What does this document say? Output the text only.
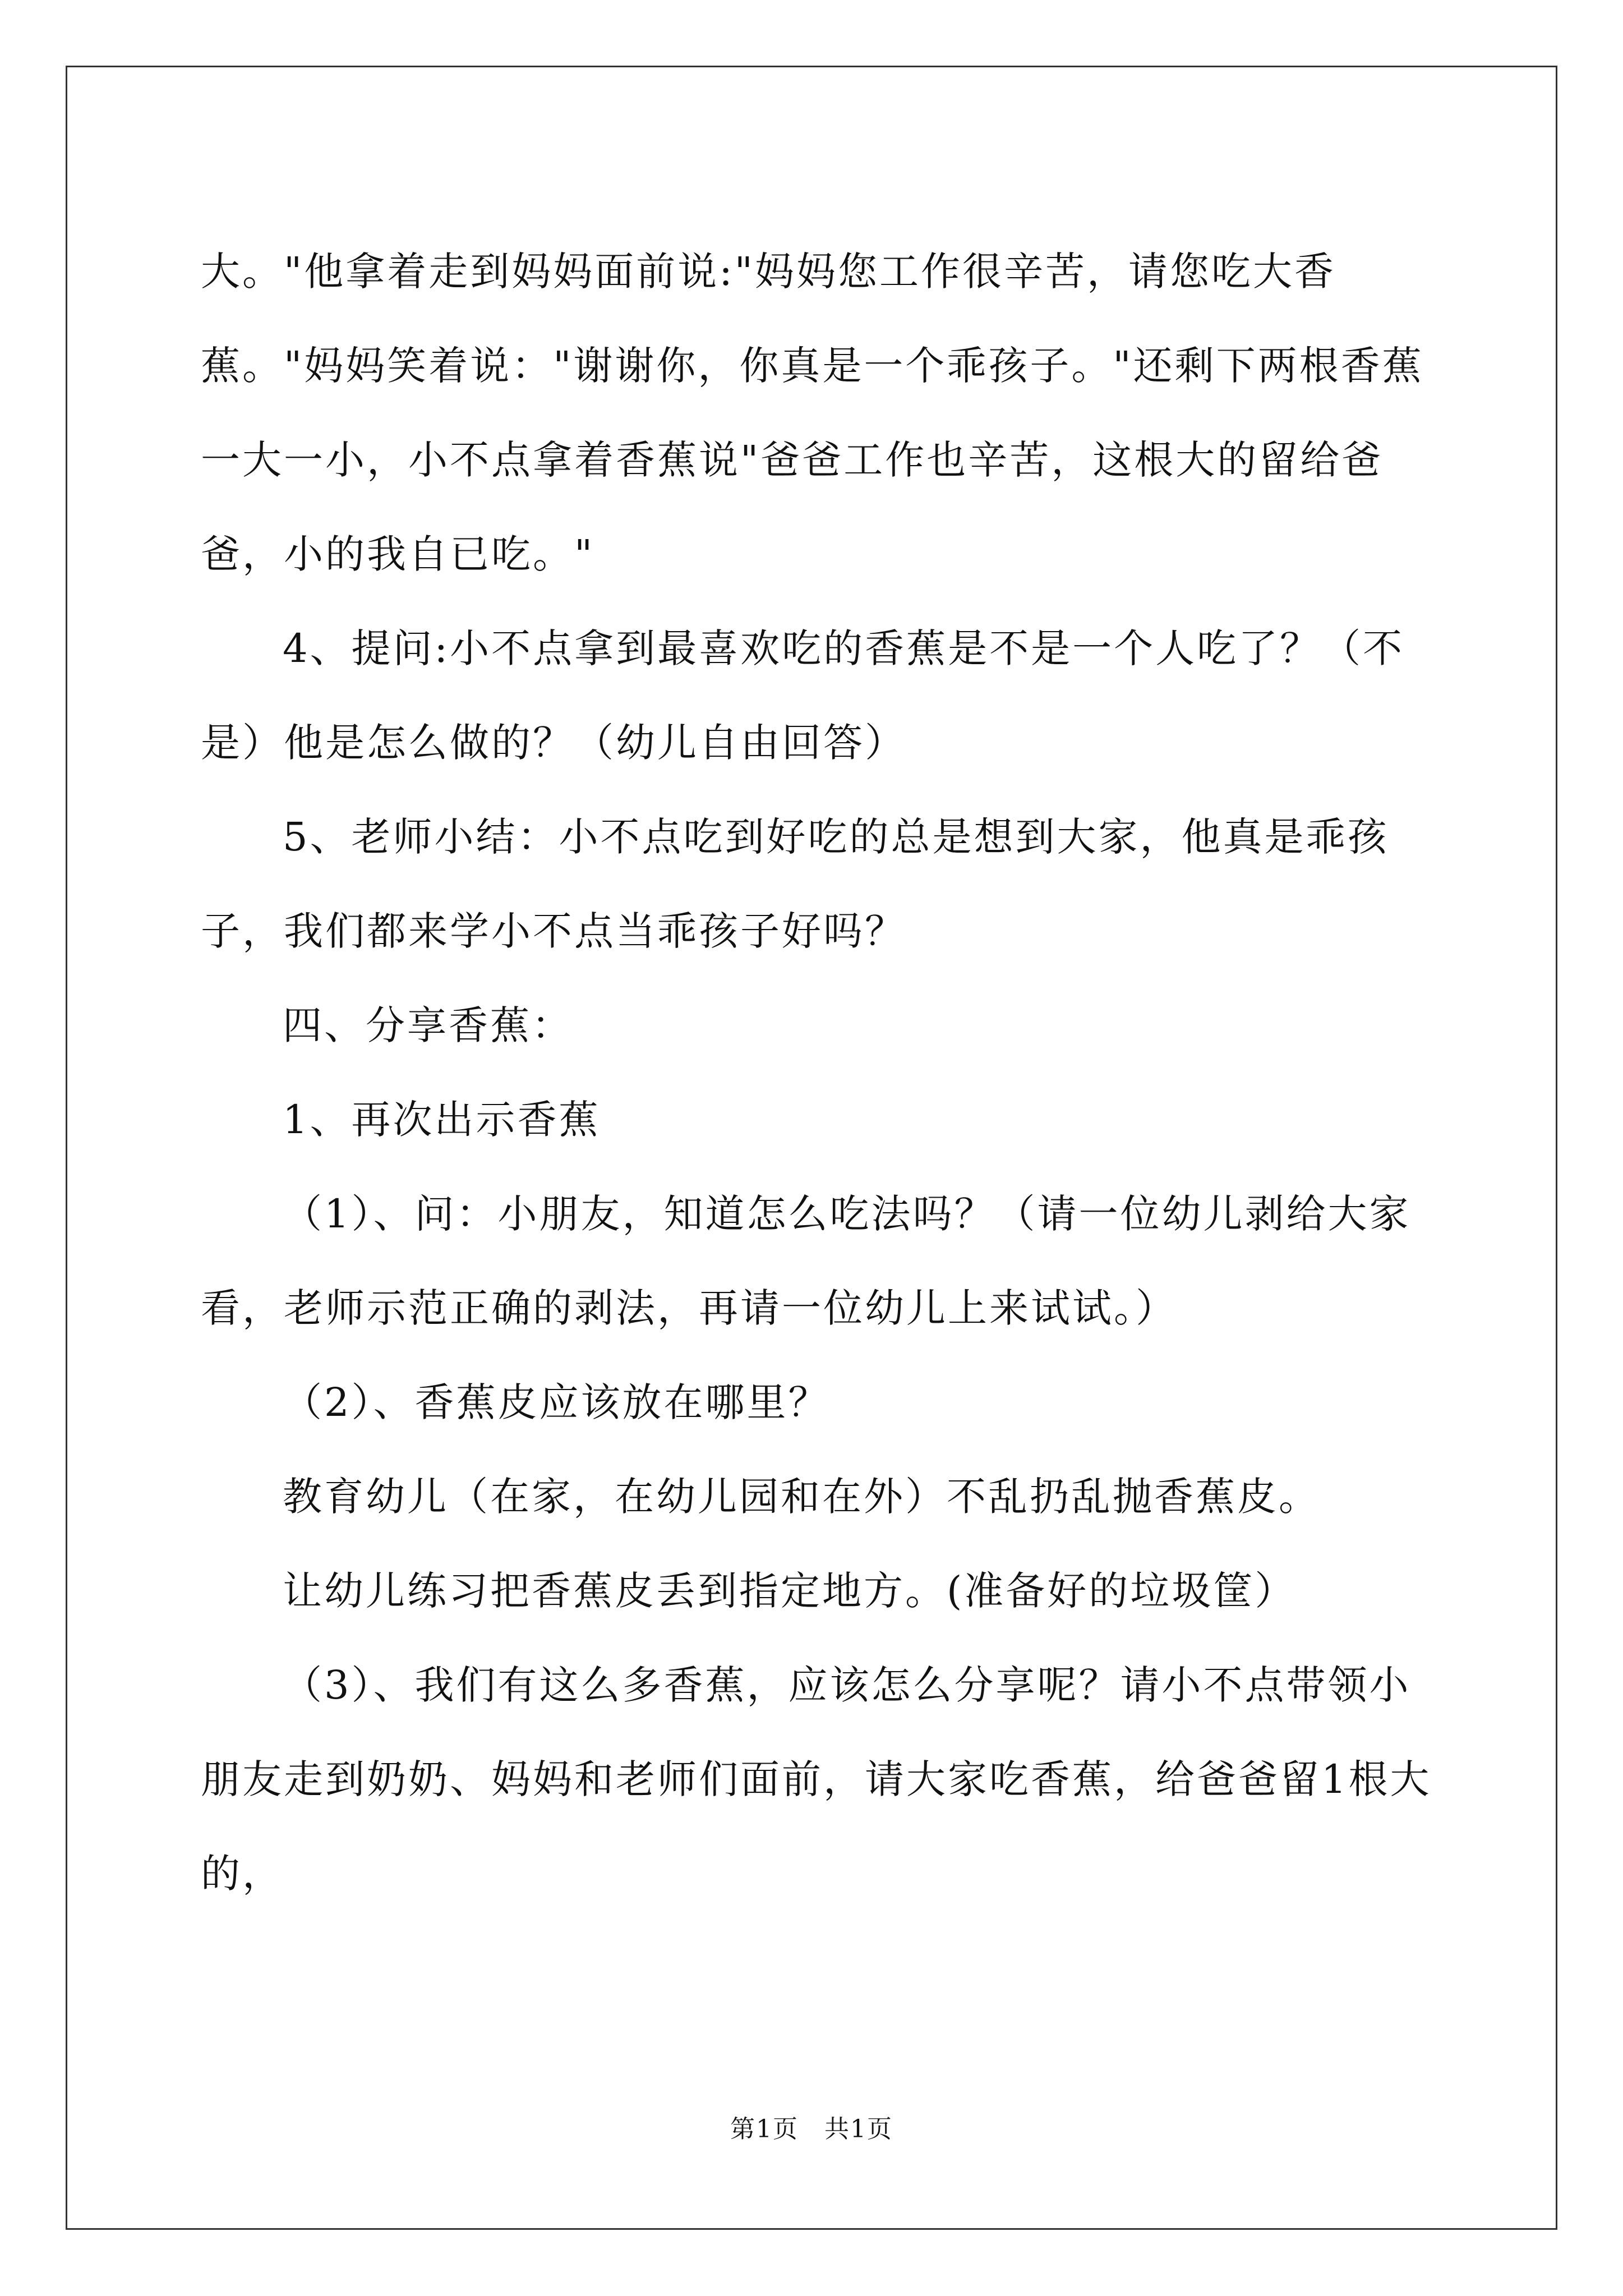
大。"他拿着走到妈妈面前说:"妈妈您工作很辛苦，请您吃大香蕉。"妈妈笑着说："谢谢你，你真是一个乖孩子。"还剩下两根香蕉一大一小，小不点拿着香蕉说"爸爸工作也辛苦，这根大的留给爸爸，小的我自已吃。"

4、提问:小不点拿到最喜欢吃的香蕉是不是一个人吃了？（不是）他是怎么做的？（幼儿自由回答）

5、老师小结：小不点吃到好吃的总是想到大家，他真是乖孩子，我们都来学小不点当乖孩子好吗？

四、分享香蕉：

1、再次出示香蕉

（1）、问：小朋友，知道怎么吃法吗？（请一位幼儿剥给大家看，老师示范正确的剥法，再请一位幼儿上来试试。）

（2）、香蕉皮应该放在哪里？

教育幼儿（在家，在幼儿园和在外）不乱扔乱抛香蕉皮。

让幼儿练习把香蕉皮丢到指定地方。(准备好的垃圾筐）

（3）、我们有这么多香蕉，应该怎么分享呢？请小不点带领小朋友走到奶奶、妈妈和老师们面前，请大家吃香蕉，给爸爸留1根大的，

第1页　共1页
